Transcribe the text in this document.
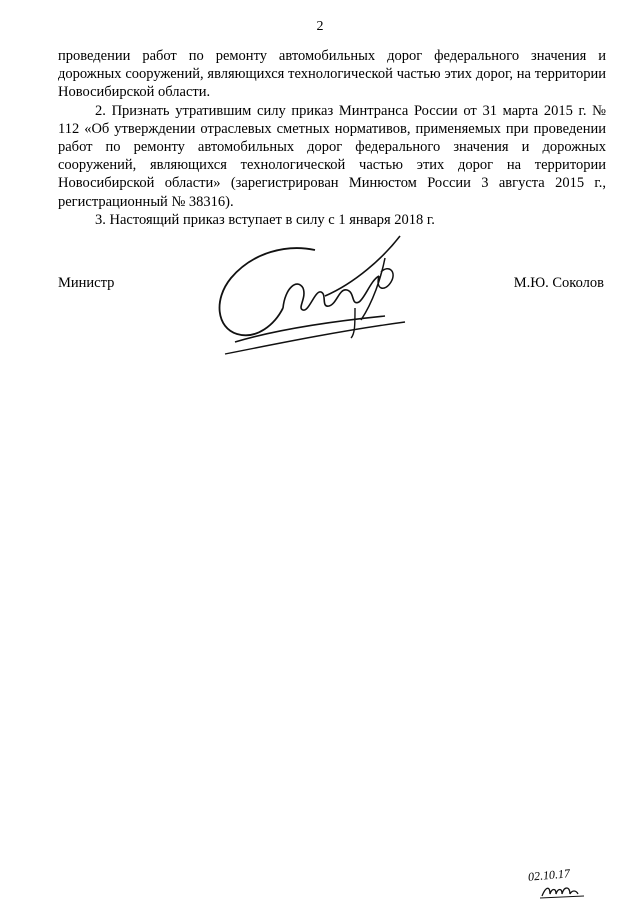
2

проведении работ по ремонту автомобильных дорог федерального значения и дорожных сооружений, являющихся технологической частью этих дорог, на территории Новосибирской области.

2. Признать утратившим силу приказ Минтранса России от 31 марта 2015 г. № 112 «Об утверждении отраслевых сметных нормативов, применяемых при проведении работ по ремонту автомобильных дорог федерального значения и дорожных сооружений, являющихся технологической частью этих дорог на территории Новосибирской области» (зарегистрирован Минюстом России 3 августа 2015 г., регистрационный № 38316).

3. Настоящий приказ вступает в силу с 1 января 2018 г.

Министр	М.Ю. Соколов
02.10.17
